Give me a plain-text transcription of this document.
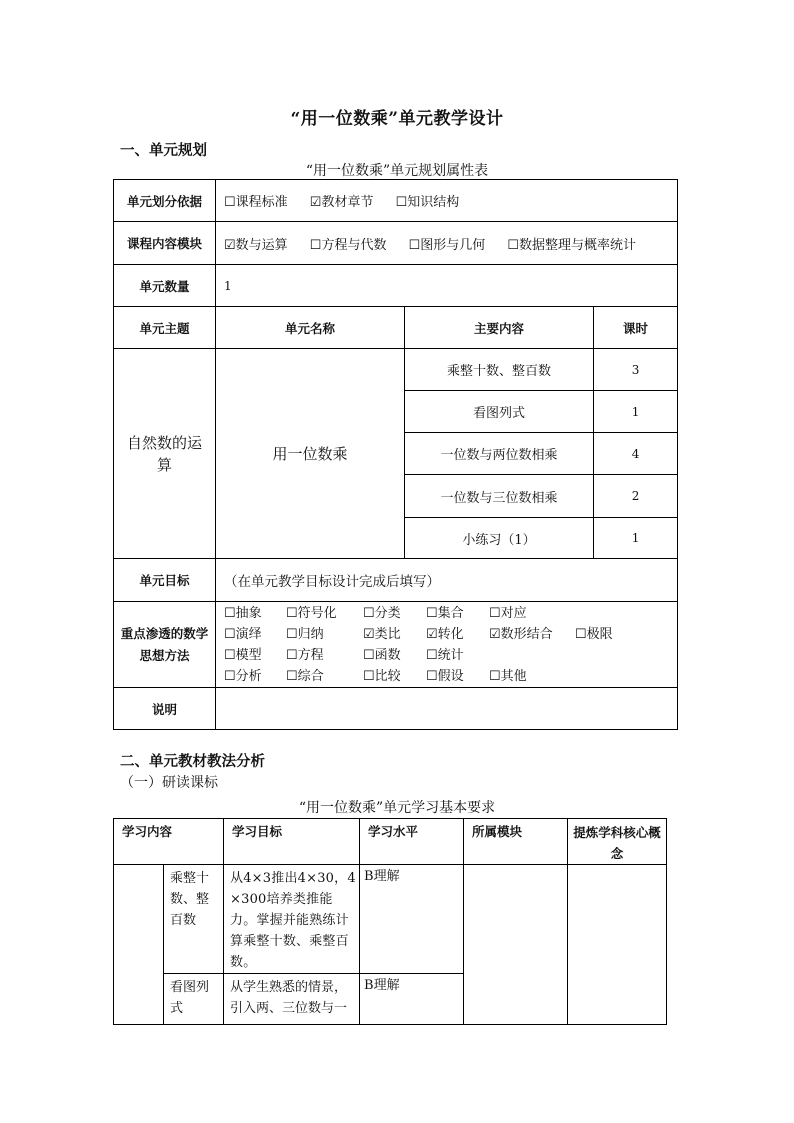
“用一位数乘”单元教学设计
一、单元规划
“用一位数乘”单元规划属性表
单元划分依据	☐课程标准 ☑教材章节 ☐知识结构		
课程内容模块	☑数与运算 ☐方程与代数 ☐图形与几何 ☐数据整理与概率统计		
单元数量	1		
单元主题	单元名称	主要内容	课时

自然数的运算	用一位数乘	乘整十数、整百数	3
		看图列式	1
		一位数与两位数相乘	4
		一位数与三位数相乘	2
		小练习（1）	1
单元目标	（在单元教学目标设计完成后填写）		

重点渗透的数学思想方法	☐抽象 ☐符号化 ☐分类 ☐集合 ☐对应
☐演绎 ☐归纳 ☑类比 ☑转化 ☑数形结合 ☐极限
☐模型 ☐方程 ☐函数 ☐统计
☐分析 ☐综合 ☐比较 ☐假设 ☐其他		

说明			
二、单元教材教法分析
（一）研读课标
“用一位数乘”单元学习基本要求
学习内容		学习目标	学习水平	所属模块	提炼学科核心概念

	乘整十数、整百数	从4×3推出4×30，4×300培养类推能力。掌握并能熟练计算乘整十数、乘整百数。	B理解		
	看图列式	从学生熟悉的情景，引入两、三位数与一	B理解		
